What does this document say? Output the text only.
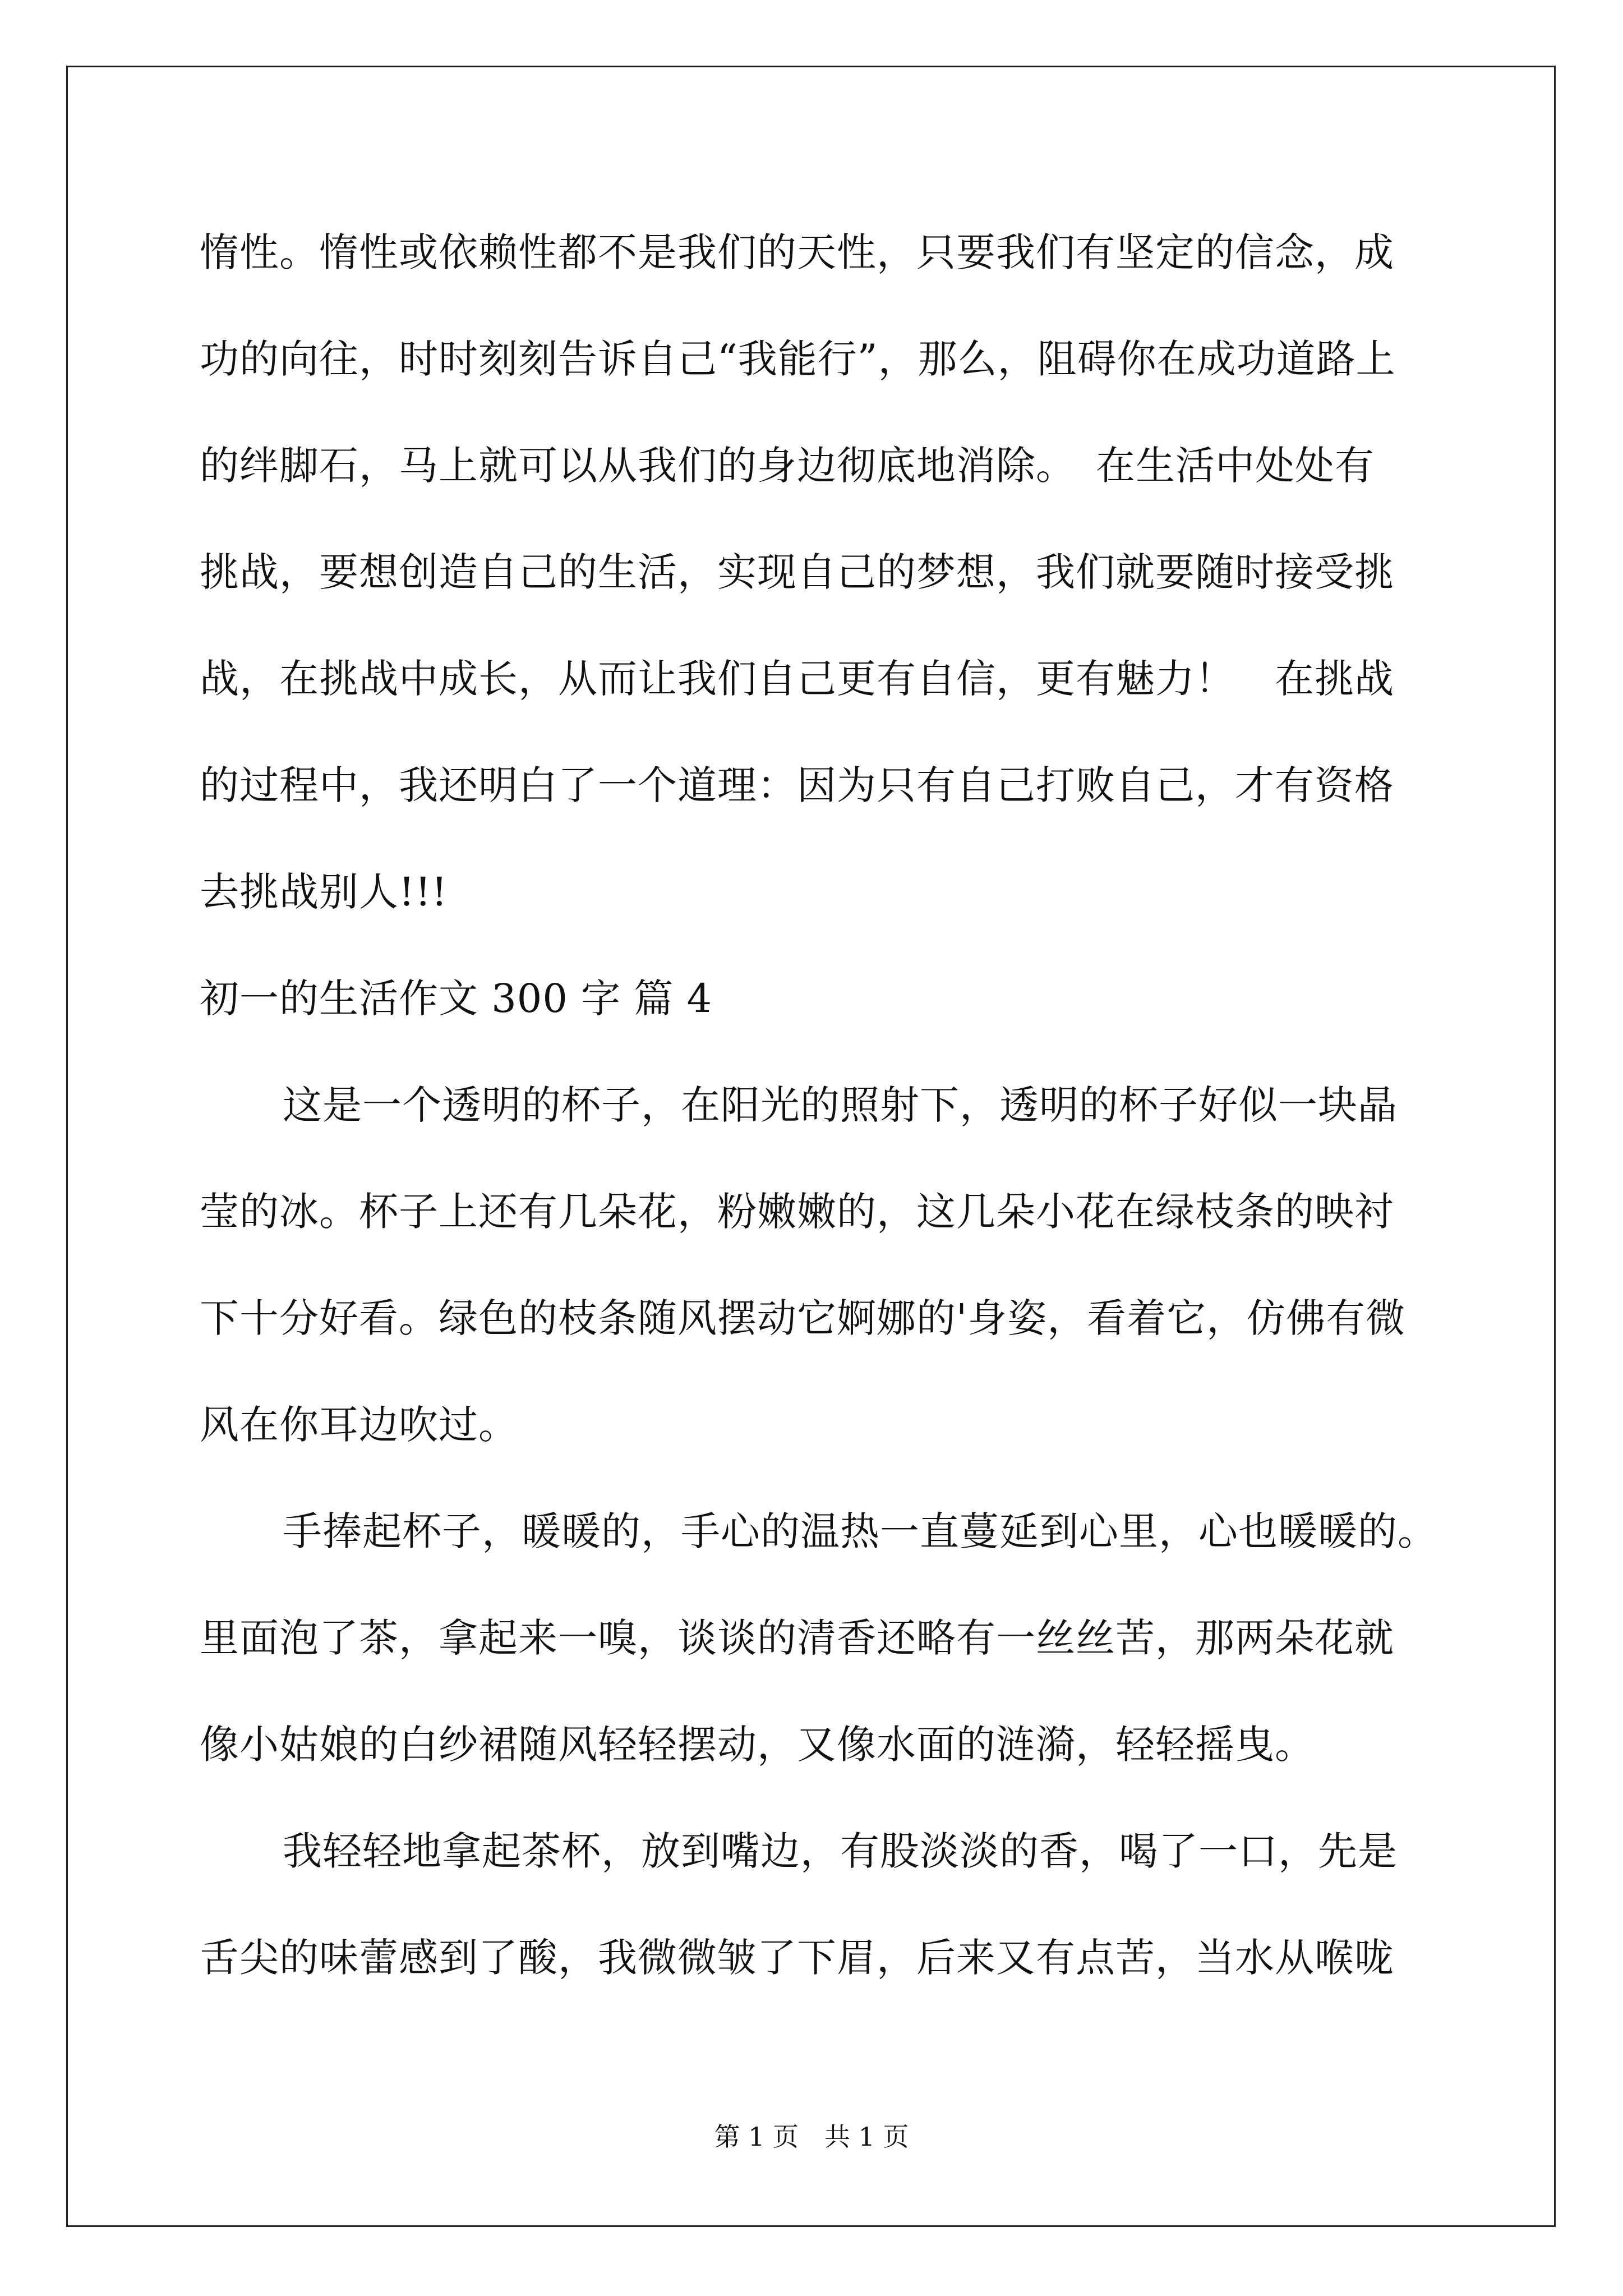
惰性。惰性或依赖性都不是我们的天性，只要我们有坚定的信念，成

功的向往，时时刻刻告诉自己“我能行”，那么，阻碍你在成功道路上

的绊脚石，马上就可以从我们的身边彻底地消除。　在生活中处处有

挑战，要想创造自己的生活，实现自己的梦想，我们就要随时接受挑

战，在挑战中成长，从而让我们自己更有自信，更有魅力！　在挑战

的过程中，我还明白了一个道理：因为只有自己打败自己，才有资格

去挑战别人!!!

初一的生活作文 300 字 篇 4

这是一个透明的杯子，在阳光的照射下，透明的杯子好似一块晶

莹的冰。杯子上还有几朵花，粉嫩嫩的，这几朵小花在绿枝条的映衬

下十分好看。绿色的枝条随风摆动它婀娜的'身姿，看着它，仿佛有微

风在你耳边吹过。

手捧起杯子，暖暖的，手心的温热一直蔓延到心里，心也暖暖的。

里面泡了茶，拿起来一嗅，谈谈的清香还略有一丝丝苦，那两朵花就

像小姑娘的白纱裙随风轻轻摆动，又像水面的涟漪，轻轻摇曳。

我轻轻地拿起茶杯，放到嘴边，有股淡淡的香，喝了一口，先是

舌尖的味蕾感到了酸，我微微皱了下眉，后来又有点苦，当水从喉咙

第 1 页　共 1 页
